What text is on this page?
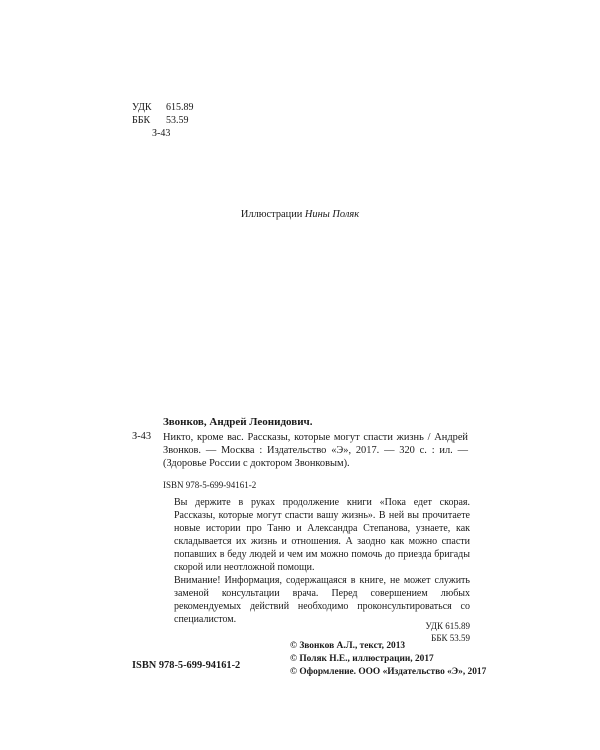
УДК	615.89
ББК	53.59
З-43
Иллюстрации Нины Поляк
Звонков, Андрей Леонидович.
З-43 Никто, кроме вас. Рассказы, которые могут спасти жизнь / Андрей Звонков. — Москва : Издательство «Э», 2017. — 320 с. : ил. — (Здоровье России с доктором Звонковым).
ISBN 978-5-699-94161-2

Вы держите в руках продолжение книги «Пока едет скорая. Рассказы, которые могут спасти вашу жизнь». В ней вы прочитаете новые истории про Таню и Александра Степанова, узнаете, как складывается их жизнь и отношения. А заодно как можно спасти попавших в беду людей и чем им можно помочь до приезда бригады скорой или неотложной помощи.

Внимание! Информация, содержащаяся в книге, не может служить заменой консультации врача. Перед совершением любых рекомендуемых действий необходимо проконсультироваться со специалистом.

УДК 615.89
ББК 53.59
ISBN 978-5-699-94161-2
© Звонков А.Л., текст, 2013
© Поляк Н.Е., иллюстрации, 2017
© Оформление. ООО «Издательство «Э», 2017
